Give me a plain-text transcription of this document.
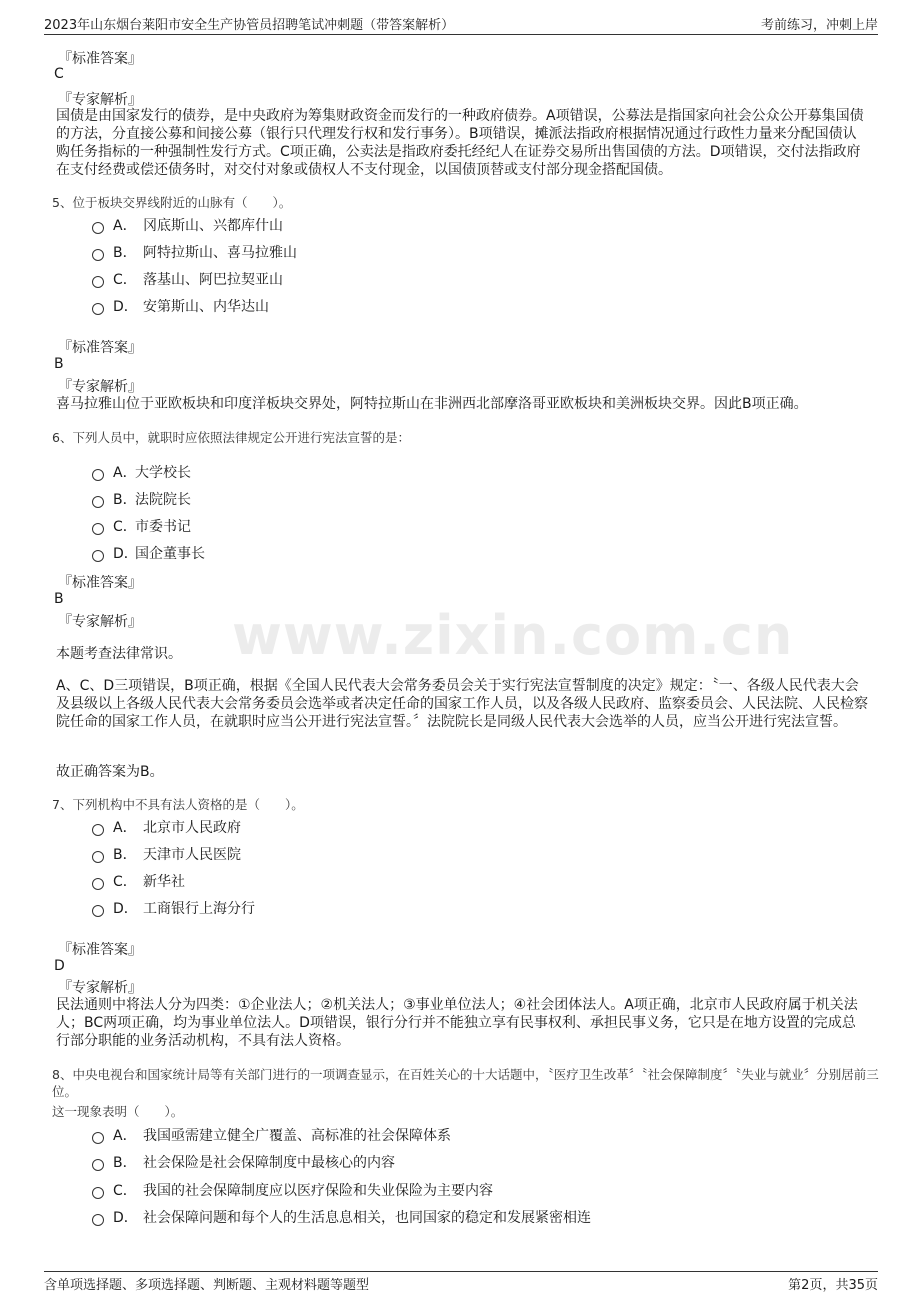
2023年山东烟台莱阳市安全生产协管员招聘笔试冲刺题（带答案解析）	考前练习，冲刺上岸
www.zixin.com.cn
『标准答案』
C
『专家解析』
国债是由国家发行的债券，是中央政府为筹集财政资金而发行的一种政府债券。A项错误，公募法是指国家向社会公众公开募集国债的方法，分直接公募和间接公募（银行只代理发行权和发行事务）。B项错误，摊派法指政府根据情况通过行政性力量来分配国债认购任务指标的一种强制性发行方式。C项正确，公卖法是指政府委托经纪人在证券交易所出售国债的方法。D项错误，交付法指政府在支付经费或偿还债务时，对交付对象或债权人不支付现金，以国债顶替或支付部分现金搭配国债。
5、位于板块交界线附近的山脉有（　　）。
A． 冈底斯山、兴都库什山
B． 阿特拉斯山、喜马拉雅山
C． 落基山、阿巴拉契亚山
D． 安第斯山、内华达山
『标准答案』
B
『专家解析』
喜马拉雅山位于亚欧板块和印度洋板块交界处，阿特拉斯山在非洲西北部摩洛哥亚欧板块和美洲板块交界。因此B项正确。
6、下列人员中，就职时应依照法律规定公开进行宪法宣誓的是：
A．
大学校长
B．
法院院长
C．
市委书记
D．
国企董事长
『标准答案』
B
『专家解析』
本题考查法律常识。
A、C、D三项错误，B项正确，根据《全国人民代表大会常务委员会关于实行宪法宣誓制度的决定》规定：〝一、各级人民代表大会及县级以上各级人民代表大会常务委员会选举或者决定任命的国家工作人员，以及各级人民政府、监察委员会、人民法院、人民检察院任命的国家工作人员，在就职时应当公开进行宪法宣誓。〞法院院长是同级人民代表大会选举的人员，应当公开进行宪法宣誓。
故正确答案为B。
7、下列机构中不具有法人资格的是（　　）。
A． 北京市人民政府
B． 天津市人民医院
C． 新华社
D． 工商银行上海分行
『标准答案』
D
『专家解析』
民法通则中将法人分为四类：①企业法人；②机关法人；③事业单位法人；④社会团体法人。A项正确，北京市人民政府属于机关法人；BC两项正确，均为事业单位法人。D项错误，银行分行并不能独立享有民事权利、承担民事义务，它只是在地方设置的完成总行部分职能的业务活动机构，不具有法人资格。
8、中央电视台和国家统计局等有关部门进行的一项调查显示，在百姓关心的十大话题中，〝医疗卫生改革〞〝社会保障制度〞〝失业与就业〞分别居前三位。
这一现象表明（　　）。
A． 我国亟需建立健全广覆盖、高标准的社会保障体系
B． 社会保险是社会保障制度中最核心的内容
C． 我国的社会保障制度应以医疗保险和失业保险为主要内容
D． 社会保障问题和每个人的生活息息相关，也同国家的稳定和发展紧密相连
含单项选择题、多项选择题、判断题、主观材料题等题型	第2页，共35页
